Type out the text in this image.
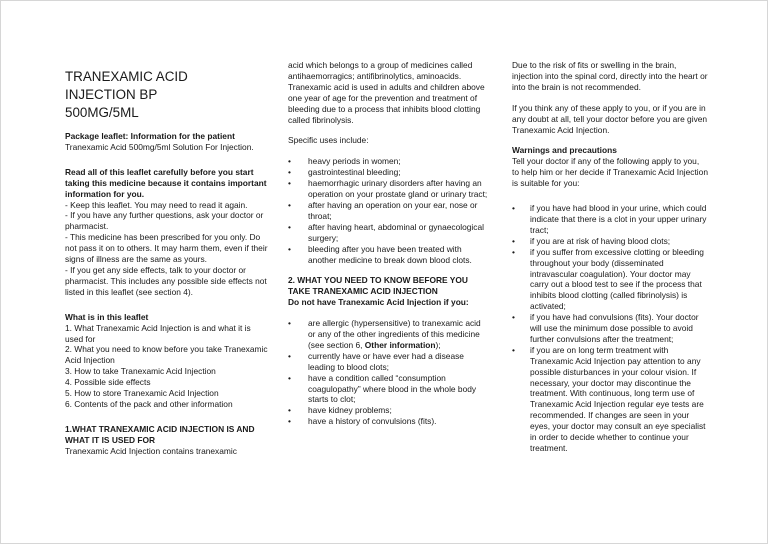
TRANEXAMIC ACID
INJECTION BP
500MG/5ML

Package leaflet: Information for the patient

Tranexamic Acid 500mg/5ml Solution For Injection.

Read all of this leaflet carefully before you start taking this medicine because it contains important information for you.

- Keep this leaflet. You may need to read it again.

- If you have any further questions, ask your doctor or pharmacist.

- This medicine has been prescribed for you only. Do not pass it on to others. It may harm them, even if their signs of illness are the same as yours.

- If you get any side effects, talk to your doctor or pharmacist. This includes any possible side effects not listed in this leaflet (see section 4).

What is in this leaflet

1. What Tranexamic Acid Injection is and what it is used for

2. What you need to know before you take Tranexamic Acid Injection

3. How to take Tranexamic Acid Injection

4. Possible side effects

5. How to store Tranexamic Acid Injection

6. Contents of the pack and other information

1.WHAT TRANEXAMIC ACID INJECTION IS AND WHAT IT IS USED FOR

Tranexamic Acid Injection contains tranexamic

acid which belongs to a group of medicines called antihaemorragics; antifibrinolytics, aminoacids. Tranexamic acid is used in adults and children above one year of age for the prevention and treatment of bleeding due to a process that inhibits blood clotting called fibrinolysis.

Specific uses include:

• heavy periods in women;
• gastrointestinal bleeding;
• haemorrhagic urinary disorders after having an operation on your prostate gland or urinary tract;
• after having an operation on your ear, nose or throat;
• after having heart, abdominal or gynaecological surgery;
• bleeding after you have been treated with another medicine to break down blood clots.

2. WHAT YOU NEED TO KNOW BEFORE YOU TAKE TRANEXAMIC ACID INJECTION

Do not have Tranexamic Acid Injection if you:

• are allergic (hypersensitive) to tranexamic acid or any of the other ingredients of this medicine (see section 6, Other information);
• currently have or have ever had a disease leading to blood clots;
• have a condition called “consumption coagulopathy” where blood in the whole body starts to clot;
• have kidney problems;
• have a history of convulsions (fits).

Due to the risk of fits or swelling in the brain, injection into the spinal cord, directly into the heart or into the brain is not recommended.

If you think any of these apply to you, or if you are in any doubt at all, tell your doctor before you are given Tranexamic Acid Injection.

Warnings and precautions

Tell your doctor if any of the following apply to you, to help him or her decide if Tranexamic Acid Injection is suitable for you:

• if you have had blood in your urine, which could indicate that there is a clot in your upper urinary tract;
• if you are at risk of having blood clots;
• if you suffer from excessive clotting or bleeding throughout your body (disseminated intravascular coagulation). Your doctor may carry out a blood test to see if the process that inhibits blood clotting (called fibrinolysis) is activated;
• if you have had convulsions (fits). Your doctor will use the minimum dose possible to avoid further convulsions after the treatment;
• if you are on long term treatment with Tranexamic Acid Injection pay attention to any possible disturbances in your colour vision. If necessary, your doctor may discontinue the treatment. With continuous, long term use of Tranexamic Acid Injection regular eye tests are recommended. If changes are seen in your eyes, your doctor may consult an eye specialist in order to decide whether to continue your treatment.
